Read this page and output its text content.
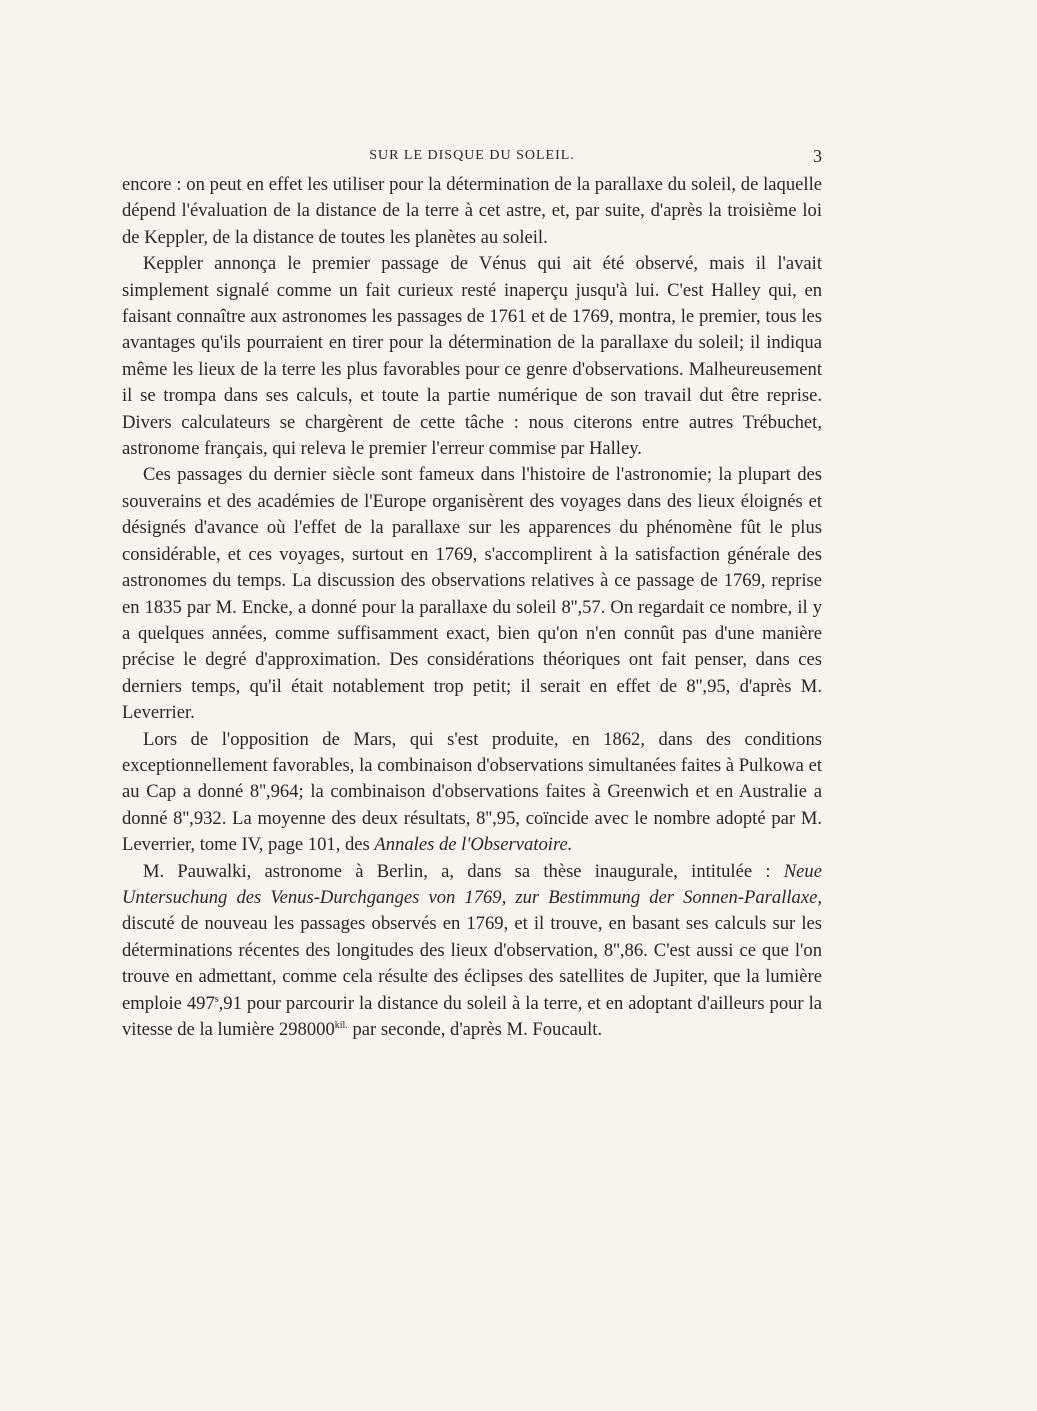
SUR LE DISQUE DU SOLEIL.	3

encore : on peut en effet les utiliser pour la détermination de la parallaxe du soleil, de laquelle dépend l'évaluation de la distance de la terre à cet astre, et, par suite, d'après la troisième loi de Keppler, de la distance de toutes les planètes au soleil.

Keppler annonça le premier passage de Vénus qui ait été observé, mais il l'avait simplement signalé comme un fait curieux resté inaperçu jusqu'à lui. C'est Halley qui, en faisant connaître aux astronomes les passages de 1761 et de 1769, montra, le premier, tous les avantages qu'ils pourraient en tirer pour la détermination de la parallaxe du soleil; il indiqua même les lieux de la terre les plus favorables pour ce genre d'observations. Malheureusement il se trompa dans ses calculs, et toute la partie numérique de son travail dut être reprise. Divers calculateurs se chargèrent de cette tâche : nous citerons entre autres Trébuchet, astronome français, qui releva le premier l'erreur commise par Halley.

Ces passages du dernier siècle sont fameux dans l'histoire de l'astronomie; la plupart des souverains et des académies de l'Europe organisèrent des voyages dans des lieux éloignés et désignés d'avance où l'effet de la parallaxe sur les apparences du phénomène fût le plus considérable, et ces voyages, surtout en 1769, s'accomplirent à la satisfaction générale des astronomes du temps. La discussion des observations relatives à ce passage de 1769, reprise en 1835 par M. Encke, a donné pour la parallaxe du soleil 8'',57. On regardait ce nombre, il y a quelques années, comme suffisamment exact, bien qu'on n'en connût pas d'une manière précise le degré d'approximation. Des considérations théoriques ont fait penser, dans ces derniers temps, qu'il était notablement trop petit; il serait en effet de 8'',95, d'après M. Leverrier.

Lors de l'opposition de Mars, qui s'est produite, en 1862, dans des conditions exceptionnellement favorables, la combinaison d'observations simultanées faites à Pulkowa et au Cap a donné 8'',964; la combinaison d'observations faites à Greenwich et en Australie a donné 8'',932. La moyenne des deux résultats, 8'',95, coïncide avec le nombre adopté par M. Leverrier, tome IV, page 101, des Annales de l'Observatoire.

M. Pauwalki, astronome à Berlin, a, dans sa thèse inaugurale, intitulée : Neue Untersuchung des Venus-Durchganges von 1769, zur Bestimmung der Sonnen-Parallaxe, discuté de nouveau les passages observés en 1769, et il trouve, en basant ses calculs sur les déterminations récentes des longitudes des lieux d'observation, 8'',86. C'est aussi ce que l'on trouve en admettant, comme cela résulte des éclipses des satellites de Jupiter, que la lumière emploie 497$^s$,91 pour parcourir la distance du soleil à la terre, et en adoptant d'ailleurs pour la vitesse de la lumière $298000^{kil.}$ par seconde, d'après M. Foucault.
